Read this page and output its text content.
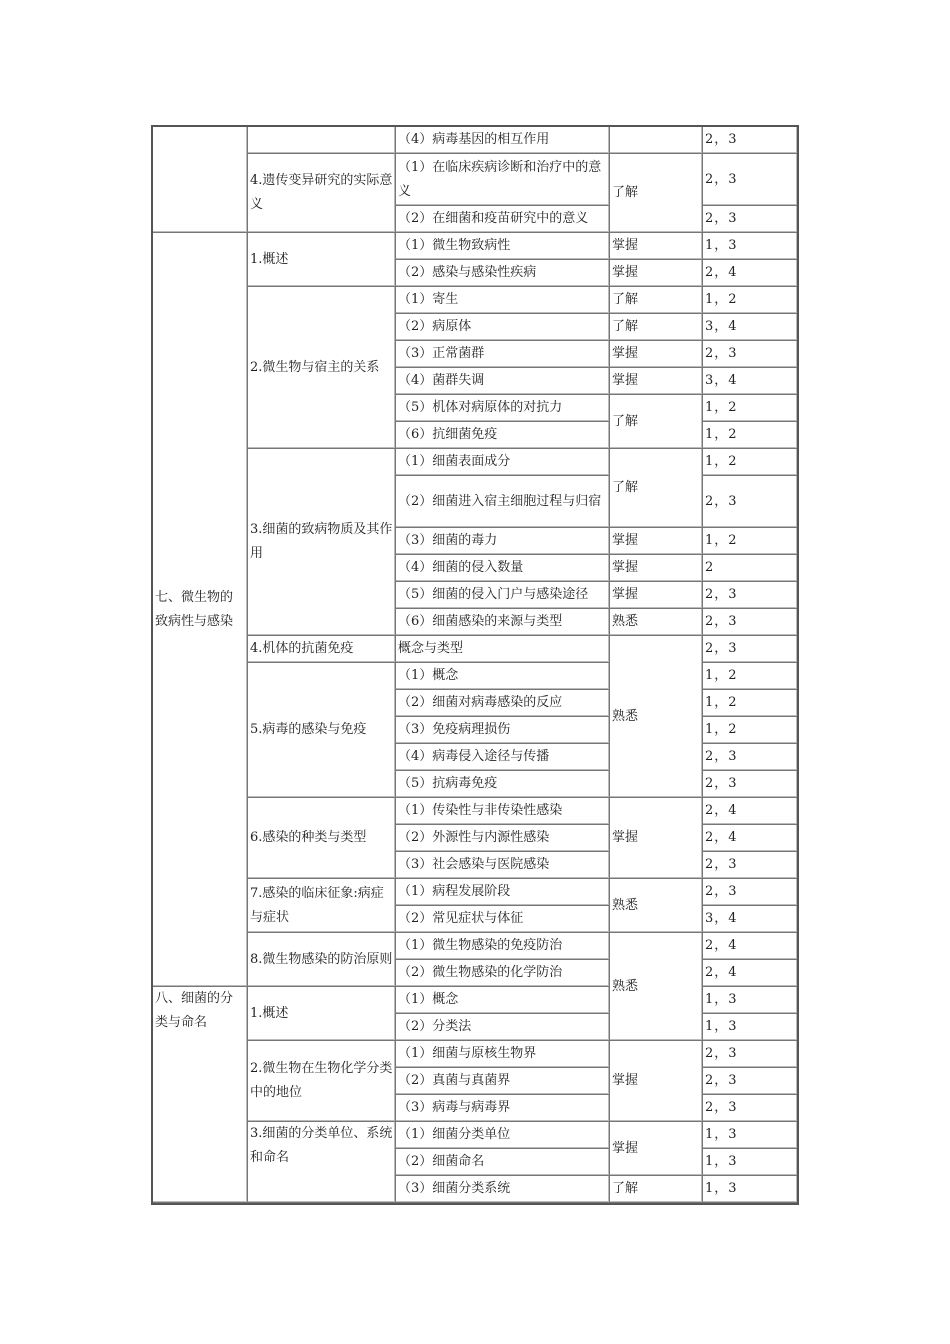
		（4）病毒基因的相互作用		2，3
	4.遗传变异研究的实际意义	（1）在临床疾病诊断和治疗中的意义	了解	2，3
		（2）在细菌和疫苗研究中的意义		2，3
七、微生物的致病性与感染	1.概述	（1）微生物致病性	掌握	1，3
		（2）感染与感染性疾病	掌握	2，4
	2.微生物与宿主的关系	（1）寄生	了解	1，2
		（2）病原体	了解	3，4
		（3）正常菌群	掌握	2，3
		（4）菌群失调	掌握	3，4
		（5）机体对病原体的对抗力	了解	1，2
		（6）抗细菌免疫		1，2
	3.细菌的致病物质及其作用	（1）细菌表面成分	了解	1，2
		（2）细菌进入宿主细胞过程与归宿		2，3
		（3）细菌的毒力	掌握	1，2
		（4）细菌的侵入数量	掌握	2
		（5）细菌的侵入门户与感染途径	掌握	2，3
		（6）细菌感染的来源与类型	熟悉	2，3
	4.机体的抗菌免疫	概念与类型	熟悉	2，3
	5.病毒的感染与免疫	（1）概念		1，2
		（2）细菌对病毒感染的反应		1，2
		（3）免疫病理损伤		1，2
		（4）病毒侵入途径与传播		2，3
		（5）抗病毒免疫		2，3
	6.感染的种类与类型	（1）传染性与非传染性感染	掌握	2，4
		（2）外源性与内源性感染		2，4
		（3）社会感染与医院感染		2，3
	7.感染的临床征象:病症与症状	（1）病程发展阶段	熟悉	2，3
		（2）常见症状与体征		3，4
	8.微生物感染的防治原则	（1）微生物感染的免疫防治	熟悉	2，4
		（2）微生物感染的化学防治		2，4
八、细菌的分类与命名	1.概述	（1）概念		1，3
		（2）分类法		1，3
	2.微生物在生物化学分类中的地位	（1）细菌与原核生物界	掌握	2，3
		（2）真菌与真菌界		2，3
		（3）病毒与病毒界		2，3
	3.细菌的分类单位、系统和命名	（1）细菌分类单位	掌握	1，3
		（2）细菌命名		1，3
		（3）细菌分类系统	了解	1，3
